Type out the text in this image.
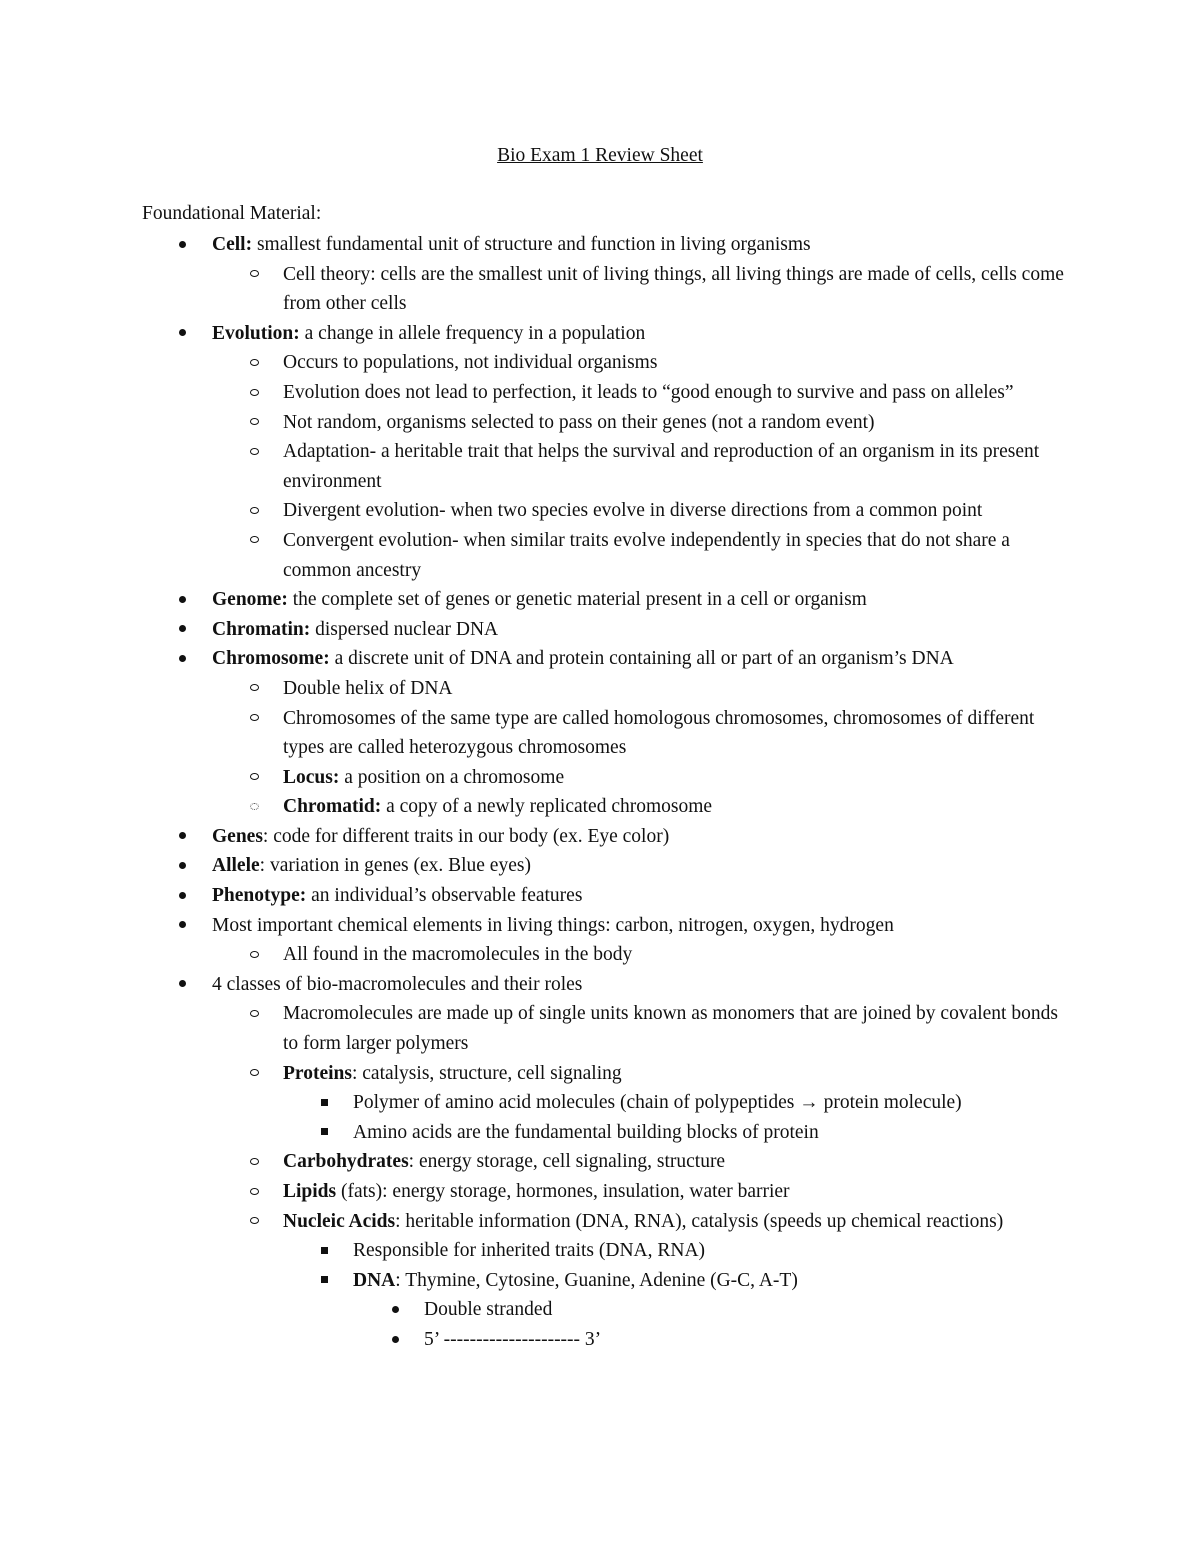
Bio Exam 1 Review Sheet
Foundational Material:
Cell: smallest fundamental unit of structure and function in living organisms
Cell theory: cells are the smallest unit of living things, all living things are made of cells, cells come from other cells
Evolution: a change in allele frequency in a population
Occurs to populations, not individual organisms
Evolution does not lead to perfection, it leads to “good enough to survive and pass on alleles”
Not random, organisms selected to pass on their genes (not a random event)
Adaptation- a heritable trait that helps the survival and reproduction of an organism in its present environment
Divergent evolution- when two species evolve in diverse directions from a common point
Convergent evolution- when similar traits evolve independently in species that do not share a common ancestry
Genome: the complete set of genes or genetic material present in a cell or organism
Chromatin: dispersed nuclear DNA
Chromosome: a discrete unit of DNA and protein containing all or part of an organism’s DNA
Double helix of DNA
Chromosomes of the same type are called homologous chromosomes, chromosomes of different types are called heterozygous chromosomes
Locus: a position on a chromosome
Chromatid: a copy of a newly replicated chromosome
Genes: code for different traits in our body (ex. Eye color)
Allele: variation in genes (ex. Blue eyes)
Phenotype: an individual’s observable features
Most important chemical elements in living things: carbon, nitrogen, oxygen, hydrogen
All found in the macromolecules in the body
4 classes of bio-macromolecules and their roles
Macromolecules are made up of single units known as monomers that are joined by covalent bonds to form larger polymers
Proteins: catalysis, structure, cell signaling
Polymer of amino acid molecules (chain of polypeptides → protein molecule)
Amino acids are the fundamental building blocks of protein
Carbohydrates: energy storage, cell signaling, structure
Lipids (fats): energy storage, hormones, insulation, water barrier
Nucleic Acids: heritable information (DNA, RNA), catalysis (speeds up chemical reactions)
Responsible for inherited traits (DNA, RNA)
DNA: Thymine, Cytosine, Guanine, Adenine (G-C, A-T)
Double stranded
5’ --------------------- 3’
